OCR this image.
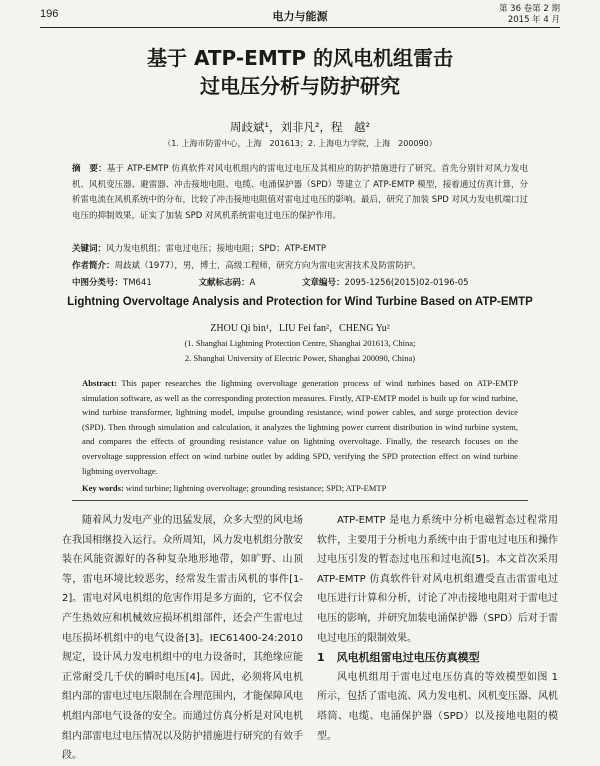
196	电力与能源
第 36 卷第 2 期
2015 年 4 月
基于 ATP-EMTP 的风电机组雷击
过电压分析与防护研究
周歧斌¹，刘非凡²，程　越²
（1. 上海市防雷中心，上海　201613；2. 上海电力学院，上海　200090）
摘　要：基于 ATP-EMTP 仿真软件对风电机组内的雷电过电压及其相应的防护措施进行了研究。首先分别针对风力发电机、风机变压器、避雷器、冲击接地电阻、电缆、电涌保护器（SPD）等建立了 ATP-EMTP 模型，接着通过仿真计算，分析雷电流在风机系统中的分布，比较了冲击接地电阻值对雷电过电压的影响。最后，研究了加装 SPD 对风力发电机端口过电压的抑制效果，证实了加装 SPD 对风机系统雷电过电压的保护作用。
关键词：风力发电机组；雷电过电压；接地电阻；SPD；ATP-EMTP
作者简介：周歧斌（1977），男，博士，高级工程师，研究方向为雷电灾害技术及防雷防护。
中图分类号：TM641	文献标志码：A	文章编号：2095-1256(2015)02-0196-05
Lightning Overvoltage Analysis and Protection for Wind Turbine Based on ATP-EMTP
ZHOU Qi bin¹，LIU Fei fan²，CHENG Yu²
(1. Shanghai Lightning Protection Centre, Shanghai 201613, China;
2. Shanghai University of Electric Power, Shanghai 200090, China)
Abstract: This paper researches the lightning overvoltage generation process of wind turbines based on ATP-EMTP simulation software, as well as the corresponding protection measures. Firstly, ATP-EMTP model is built up for wind turbine, wind turbine transformer, lightning model, impulse grounding resistance, wind power cables, and surge protection device (SPD). Then through simulation and calculation, it analyzes the lightning power current distribution in wind turbine system, and compares the effects of grounding resistance value on lightning overvoltage. Finally, the research focuses on the overvoltage suppression effect on wind turbine outlet by adding SPD, verifying the SPD protection effect on wind turbine lightning overvoltage.
Key words: wind turbine; lightning overvoltage; grounding resistance; SPD; ATP-EMTP

随着风力发电产业的迅猛发展，众多大型的风电场在我国相继投入运行。众所周知，风力发电机组分散安装在风能资源好的各种复杂地形地带，如旷野、山顶等，雷电环境比较恶劣，经常发生雷击风机的事件[1-2]。雷电对风电机组的危害作用是多方面的，它不仅会产生热效应和机械效应损坏机组部件，还会产生雷电过电压损坏机组中的电气设备[3]。IEC61400-24:2010 规定，设计风力发电机组中的电力设备时，其绝缘应能正常耐受几千伏的瞬时电压[4]。因此，必须将风电机组内部的雷电过电压限制在合理范围内，才能保障风电机组内部电气设备的安全。而通过仿真分析是对风电机组内部雷电过电压情况以及防护措施进行研究的有效手段。

ATP-EMTP 是电力系统中分析电磁暂态过程常用软件，主要用于分析电力系统中由于雷电过电压和操作过电压引发的暂态过电压和过电流[5]。本文首次采用 ATP-EMTP 仿真软件针对风电机组遭受直击雷雷电过电压进行计算和分析，讨论了冲击接地电阻对于雷电过电压的影响，并研究加装电涌保护器（SPD）后对于雷电过电压的限制效果。

1 风电机组雷电过电压仿真模型

风电机组用于雷电过电压仿真的等效模型如图 1 所示，包括了雷电流、风力发电机、风机变压器、风机塔筒、电缆、电涌保护器（SPD）以及接地电阻的模型。
